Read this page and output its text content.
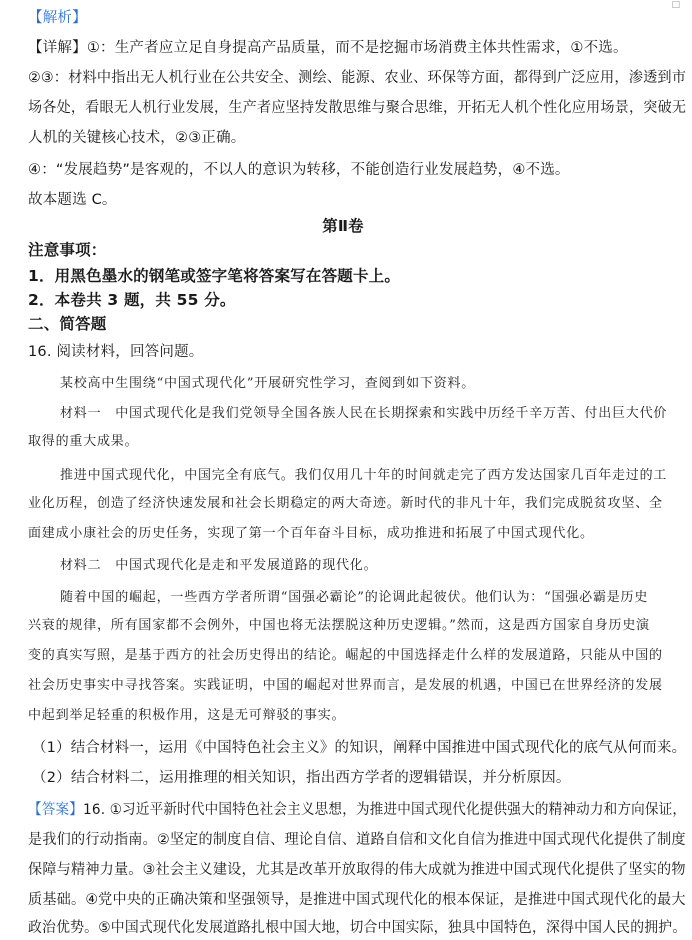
□
【解析】
【详解】①：生产者应立足自身提高产品质量，而不是挖掘市场消费主体共性需求，①不选。
②③：材料中指出无人机行业在公共安全、测绘、能源、农业、环保等方面，都得到广泛应用，渗透到市
场各处，看眼无人机行业发展，生产者应坚持发散思维与聚合思维，开拓无人机个性化应用场景，突破无
人机的关键核心技术，②③正确。
④：“发展趋势”是客观的，不以人的意识为转移，不能创造行业发展趋势，④不选。
故本题选 C。
第Ⅱ卷
注意事项：
1．用黑色墨水的钢笔或签字笔将答案写在答题卡上。
2．本卷共 3 题，共 55 分。
二、简答题
16. 阅读材料，回答问题。
某校高中生围绕“中国式现代化”开展研究性学习，查阅到如下资料。
材料一　中国式现代化是我们党领导全国各族人民在长期探索和实践中历经千辛万苦、付出巨大代价
取得的重大成果。
推进中国式现代化，中国完全有底气。我们仅用几十年的时间就走完了西方发达国家几百年走过的工
业化历程，创造了经济快速发展和社会长期稳定的两大奇迹。新时代的非凡十年，我们完成脱贫攻坚、全
面建成小康社会的历史任务，实现了第一个百年奋斗目标，成功推进和拓展了中国式现代化。
材料二　中国式现代化是走和平发展道路的现代化。
随着中国的崛起，一些西方学者所谓“国强必霸论”的论调此起彼伏。他们认为：“国强必霸是历史
兴衰的规律，所有国家都不会例外，中国也将无法摆脱这种历史逻辑。”然而，这是西方国家自身历史演
变的真实写照，是基于西方的社会历史得出的结论。崛起的中国选择走什么样的发展道路，只能从中国的
社会历史事实中寻找答案。实践证明，中国的崛起对世界而言，是发展的机遇，中国已在世界经济的发展
中起到举足轻重的积极作用，这是无可辩驳的事实。
（1）结合材料一，运用《中国特色社会主义》的知识，阐释中国推进中国式现代化的底气从何而来。
（2）结合材料二，运用推理的相关知识，指出西方学者的逻辑错误，并分析原因。
【答案】16. ①习近平新时代中国特色社会主义思想，为推进中国式现代化提供强大的精神动力和方向保证，
是我们的行动指南。②坚定的制度自信、理论自信、道路自信和文化自信为推进中国式现代化提供了制度
保障与精神力量。③社会主义建设，尤其是改革开放取得的伟大成就为推进中国式现代化提供了坚实的物
质基础。④党中央的正确决策和坚强领导，是推进中国式现代化的根本保证，是推进中国式现代化的最大
政治优势。⑤中国式现代化发展道路扎根中国大地，切合中国实际，独具中国特色，深得中国人民的拥护。
